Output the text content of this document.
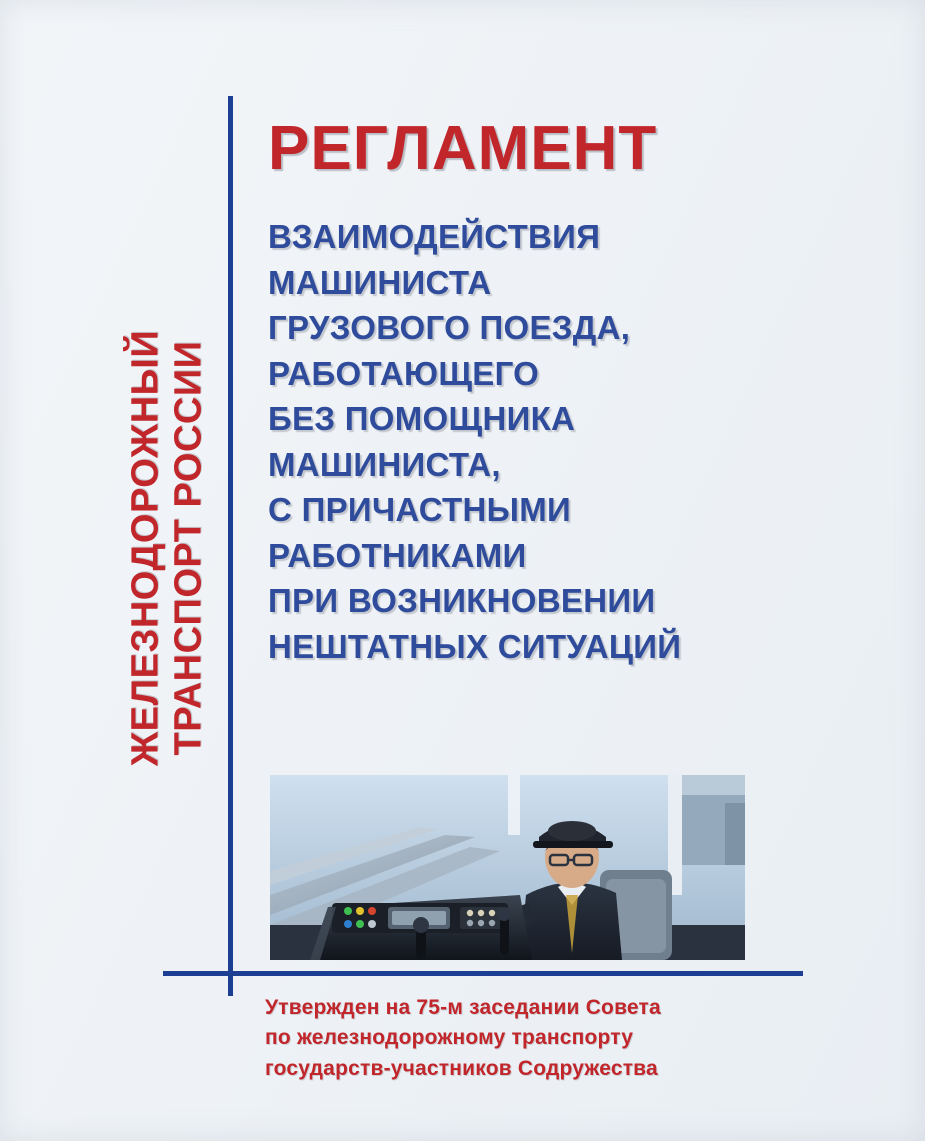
ЖЕЛЕЗНОДОРОЖНЫЙ ТРАНСПОРТ РОССИИ
РЕГЛАМЕНТ
ВЗАИМОДЕЙСТВИЯ
МАШИНИСТА
ГРУЗОВОГО ПОЕЗДА,
РАБОТАЮЩЕГО
БЕЗ ПОМОЩНИКА
МАШИНИСТА,
С ПРИЧАСТНЫМИ
РАБОТНИКАМИ
ПРИ ВОЗНИКНОВЕНИИ
НЕШТАТНЫХ СИТУАЦИЙ
Утвержден на 75-м заседании Совета
по железнодорожному транспорту
государств-участников Содружества
